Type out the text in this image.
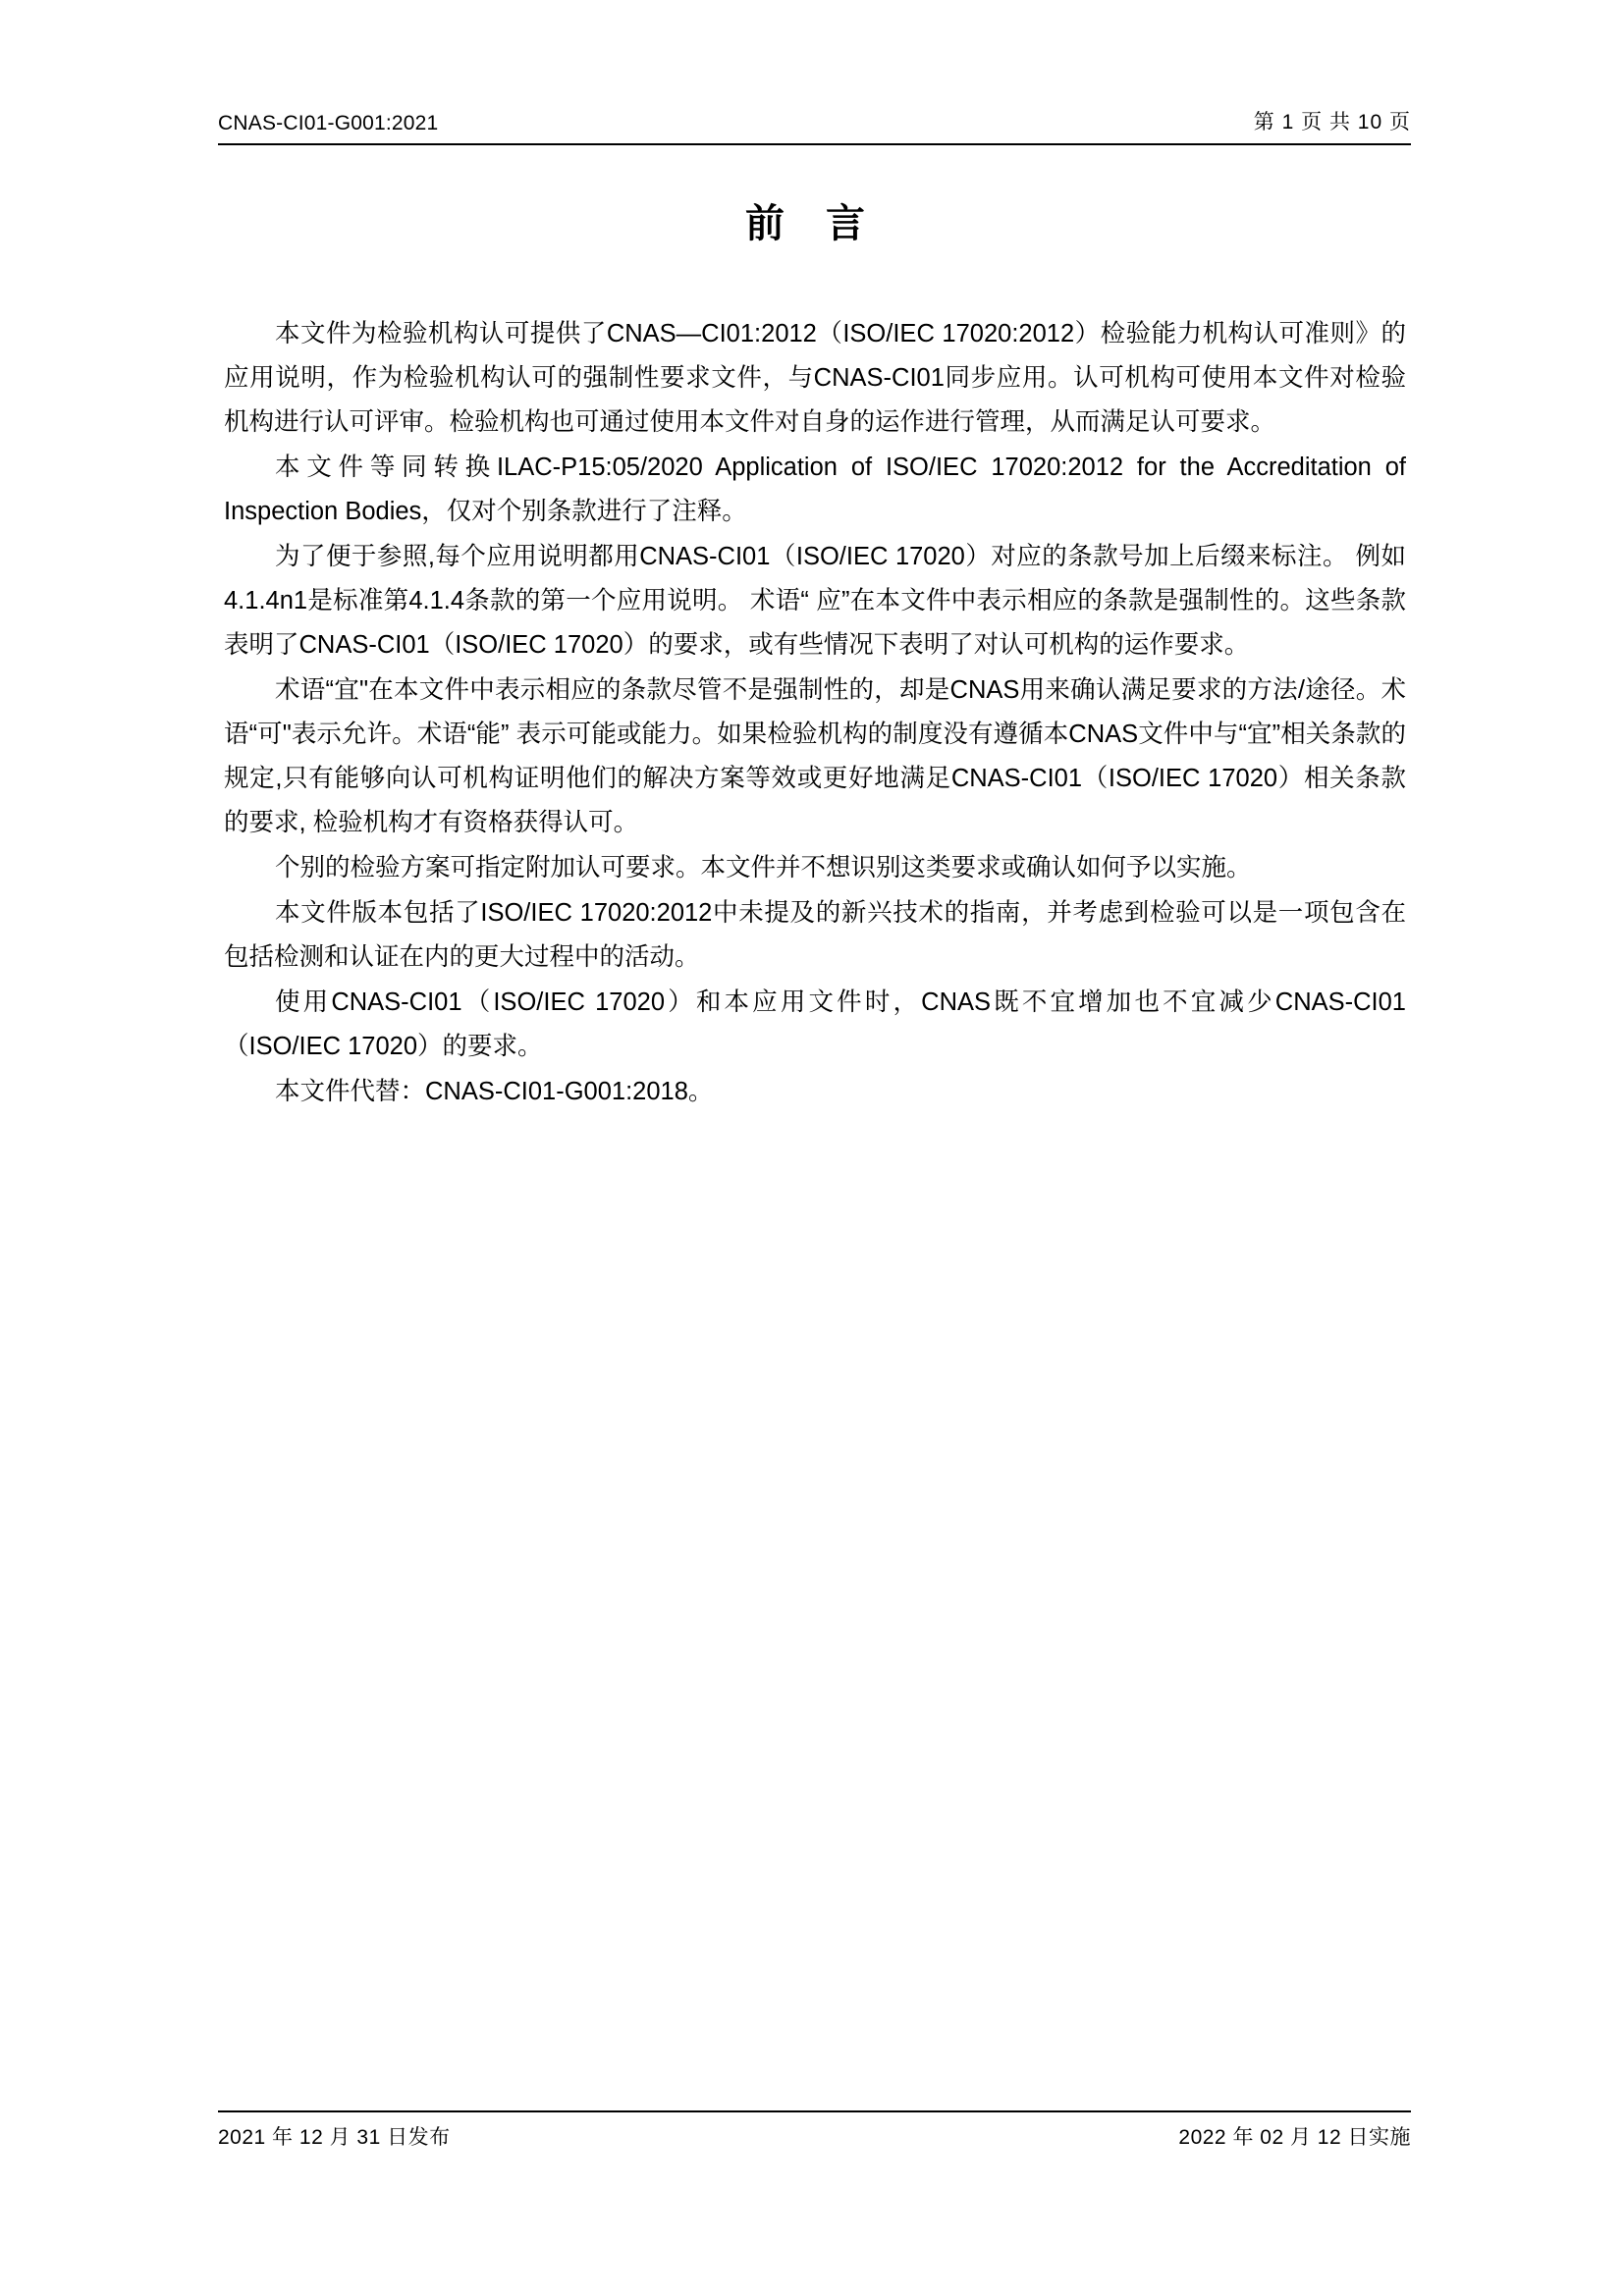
CNAS-CI01-G001:2021	第 1 页 共 10 页
前 言

本文件为检验机构认可提供了CNAS—CI01:2012（ISO/IEC 17020:2012）检验能力机构认可准则》的应用说明，作为检验机构认可的强制性要求文件，与CNAS-CI01同步应用。认可机构可使用本文件对检验机构进行认可评审。检验机构也可通过使用本文件对自身的运作进行管理，从而满足认可要求。

本文件等同转换ILAC-P15:05/2020 Application of ISO/IEC 17020:2012 for the Accreditation of Inspection Bodies，仅对个别条款进行了注释。

为了便于参照,每个应用说明都用CNAS-CI01（ISO/IEC 17020）对应的条款号加上后缀来标注。 例如4.1.4n1是标准第4.1.4条款的第一个应用说明。 术语“ 应”在本文件中表示相应的条款是强制性的。这些条款表明了CNAS-CI01（ISO/IEC 17020）的要求，或有些情况下表明了对认可机构的运作要求。

术语“宜"在本文件中表示相应的条款尽管不是强制性的，却是CNAS用来确认满足要求的方法/途径。术语“可"表示允许。术语“能” 表示可能或能力。如果检验机构的制度没有遵循本CNAS文件中与“宜”相关条款的规定,只有能够向认可机构证明他们的解决方案等效或更好地满足CNAS-CI01（ISO/IEC 17020）相关条款的要求, 检验机构才有资格获得认可。

个别的检验方案可指定附加认可要求。本文件并不想识别这类要求或确认如何予以实施。

本文件版本包括了ISO/IEC 17020:2012中未提及的新兴技术的指南，并考虑到检验可以是一项包含在包括检测和认证在内的更大过程中的活动。

使用CNAS-CI01（ISO/IEC 17020）和本应用文件时，CNAS既不宜增加也不宜减少CNAS-CI01（ISO/IEC 17020）的要求。

本文件代替：CNAS-CI01-G001:2018。

2021 年 12 月 31 日发布	2022 年 02 月 12 日实施
